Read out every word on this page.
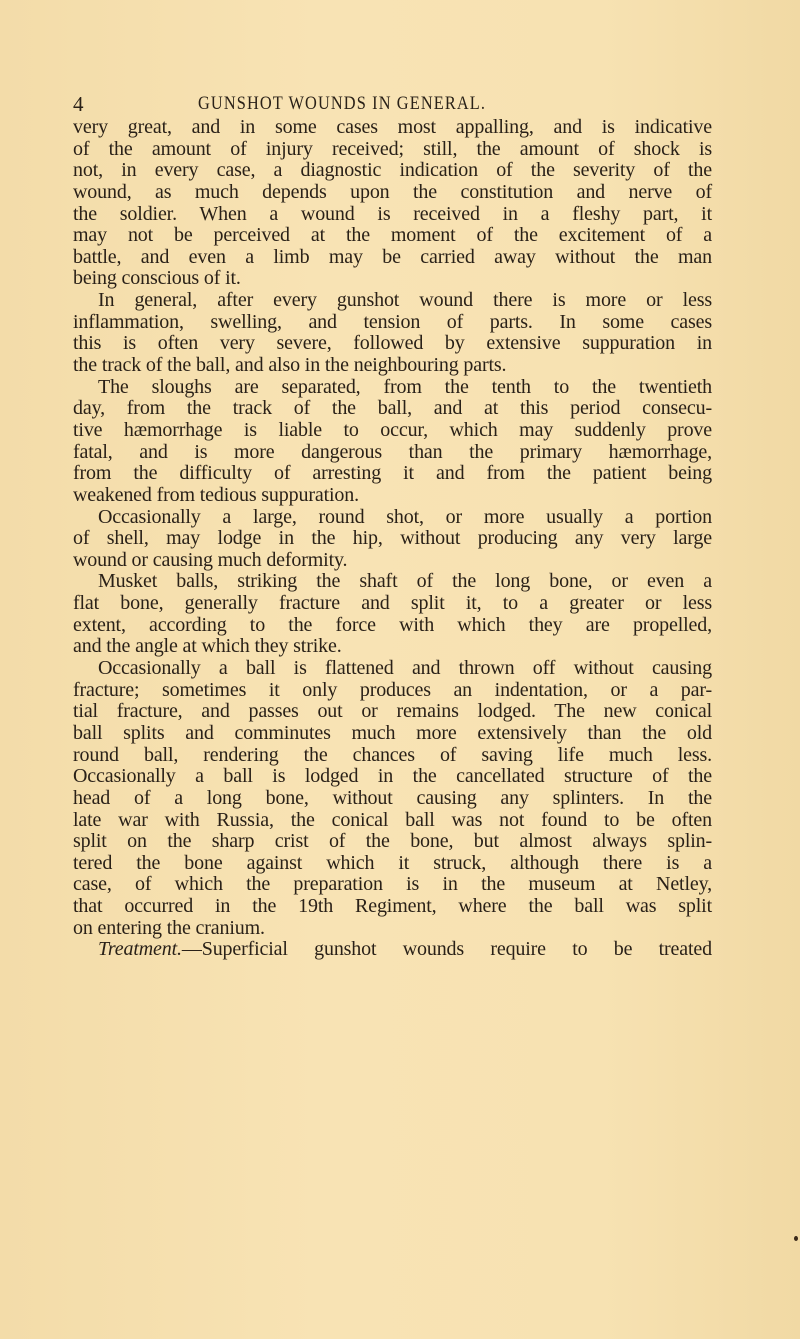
4	GUNSHOT WOUNDS IN GENERAL.
very great, and in some cases most appalling, and is indicative
of the amount of injury received; still, the amount of shock is
not, in every case, a diagnostic indication of the severity of the
wound, as much depends upon the constitution and nerve of
the soldier. When a wound is received in a fleshy part, it
may not be perceived at the moment of the excitement of a
battle, and even a limb may be carried away without the man
being conscious of it.
In general, after every gunshot wound there is more or less
inflammation, swelling, and tension of parts. In some cases
this is often very severe, followed by extensive suppuration in
the track of the ball, and also in the neighbouring parts.
The sloughs are separated, from the tenth to the twentieth
day, from the track of the ball, and at this period consecu-
tive hæmorrhage is liable to occur, which may suddenly prove
fatal, and is more dangerous than the primary hæmorrhage,
from the difficulty of arresting it and from the patient being
weakened from tedious suppuration.
Occasionally a large, round shot, or more usually a portion
of shell, may lodge in the hip, without producing any very large
wound or causing much deformity.
Musket balls, striking the shaft of the long bone, or even a
flat bone, generally fracture and split it, to a greater or less
extent, according to the force with which they are propelled,
and the angle at which they strike.
Occasionally a ball is flattened and thrown off without causing
fracture; sometimes it only produces an indentation, or a par-
tial fracture, and passes out or remains lodged. The new conical
ball splits and comminutes much more extensively than the old
round ball, rendering the chances of saving life much less.
Occasionally a ball is lodged in the cancellated structure of the
head of a long bone, without causing any splinters. In the
late war with Russia, the conical ball was not found to be often
split on the sharp crist of the bone, but almost always splin-
tered the bone against which it struck, although there is a
case, of which the preparation is in the museum at Netley,
that occurred in the 19th Regiment, where the ball was split
on entering the cranium.
Treatment.—Superficial gunshot wounds require to be treated
